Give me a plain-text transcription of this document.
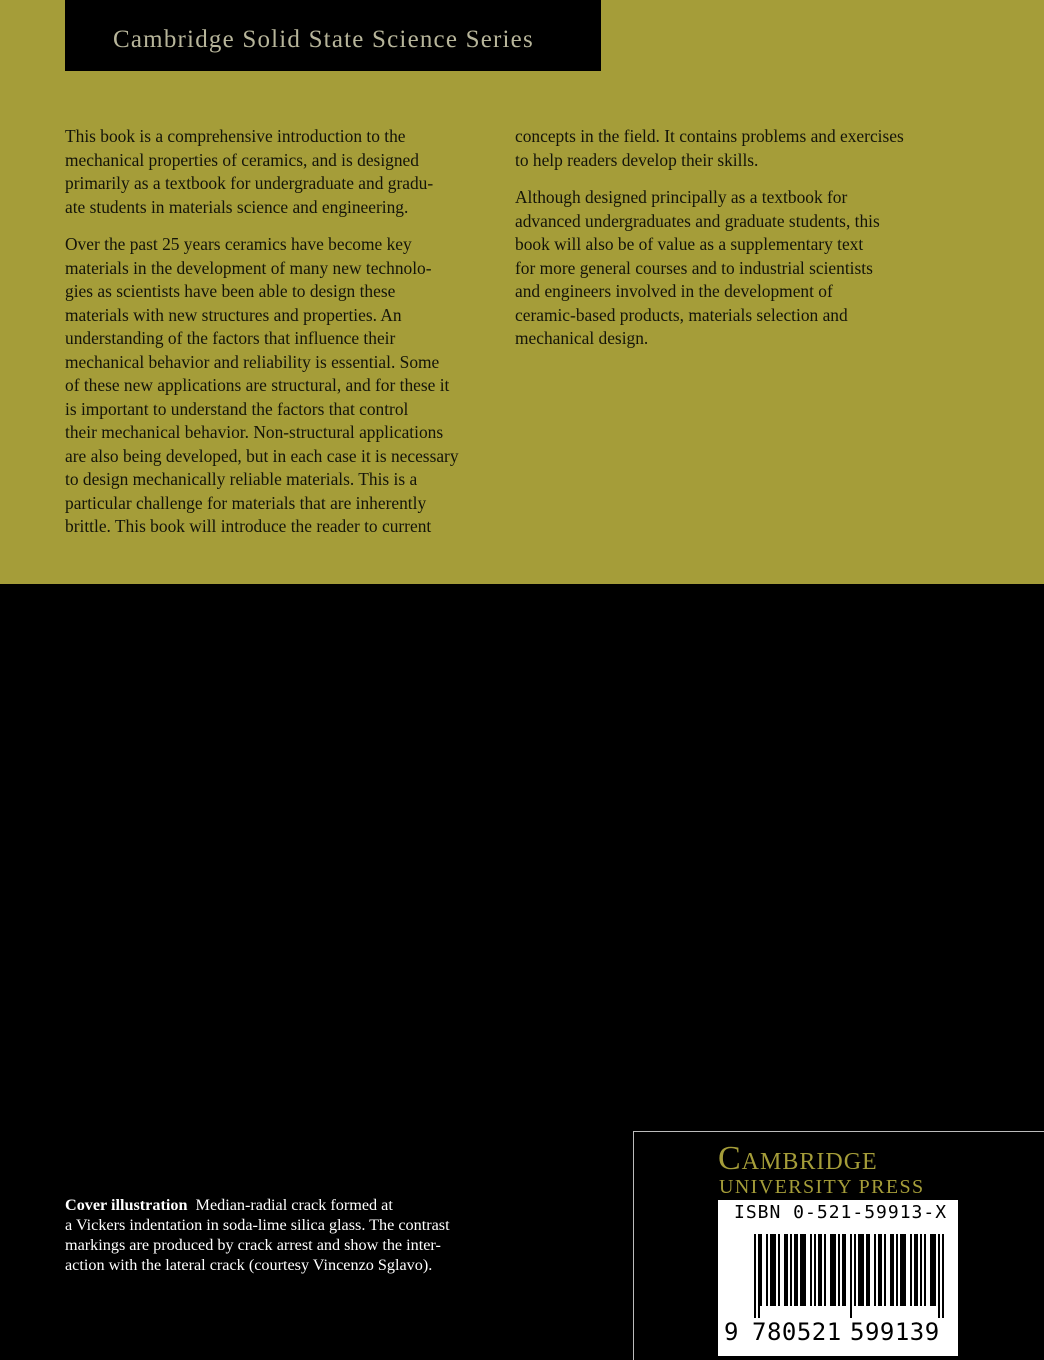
Cambridge Solid State Science Series

This book is a comprehensive introduction to the
mechanical properties of ceramics, and is designed
primarily as a textbook for undergraduate and gradu-
ate students in materials science and engineering.

Over the past 25 years ceramics have become key
materials in the development of many new technolo-
gies as scientists have been able to design these
materials with new structures and properties. An
understanding of the factors that influence their
mechanical behavior and reliability is essential. Some
of these new applications are structural, and for these it
is important to understand the factors that control
their mechanical behavior. Non-structural applications
are also being developed, but in each case it is necessary
to design mechanically reliable materials. This is a
particular challenge for materials that are inherently
brittle. This book will introduce the reader to current

concepts in the field. It contains problems and exercises
to help readers develop their skills.

Although designed principally as a textbook for
advanced undergraduates and graduate students, this
book will also be of value as a supplementary text
for more general courses and to industrial scientists
and engineers involved in the development of
ceramic-based products, materials selection and
mechanical design.

Cover illustration Median-radial crack formed at
a Vickers indentation in soda-lime silica glass. The contrast
markings are produced by crack arrest and show the inter-
action with the lateral crack (courtesy Vincenzo Sglavo).
Cambridge
UNIVERSITY PRESS
ISBN 0-521-59913-X
9 780521 599139
